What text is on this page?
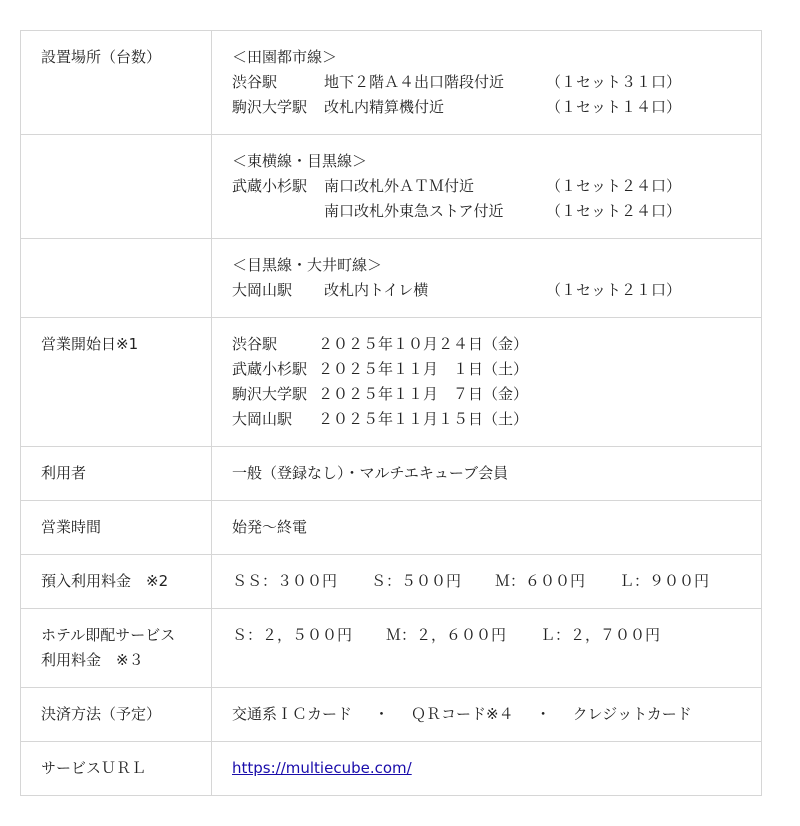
設置場所（台数）	＜田園都市線＞
渋谷駅 地下２階Ａ４出口階段付近 （１セット３１口）
駒沢大学駅 改札内精算機付近 （１セット１４口）

	＜東横線・目黒線＞
武蔵小杉駅 南口改札外ＡＴＭ付近 （１セット２４口）
南口改札外東急ストア付近 （１セット２４口）

	＜目黒線・大井町線＞
大岡山駅 改札内トイレ横 （１セット２１口）

営業開始日※1	渋谷駅 ２０２５年１０月２４日（金）
武蔵小杉駅 ２０２５年１１月　１日（土）
駒沢大学駅 ２０２５年１１月　７日（金）
大岡山駅 ２０２５年１１月１５日（土）

利用者	一般（登録なし）・マルチエキューブ会員
営業時間	始発～終電
預入利用料金　※2	ＳＳ：３００円 Ｓ：５００円 Ｍ：６００円 Ｌ：９００円

ホテル即配サービス
利用料金　※３	Ｓ：２，５００円 Ｍ：２，６００円 Ｌ：２，７００円
決済方法（予定）	交通系ＩＣカード ・ ＱＲコード※４ ・ クレジットカード
サービスＵＲＬ	https://multiecube.com/
